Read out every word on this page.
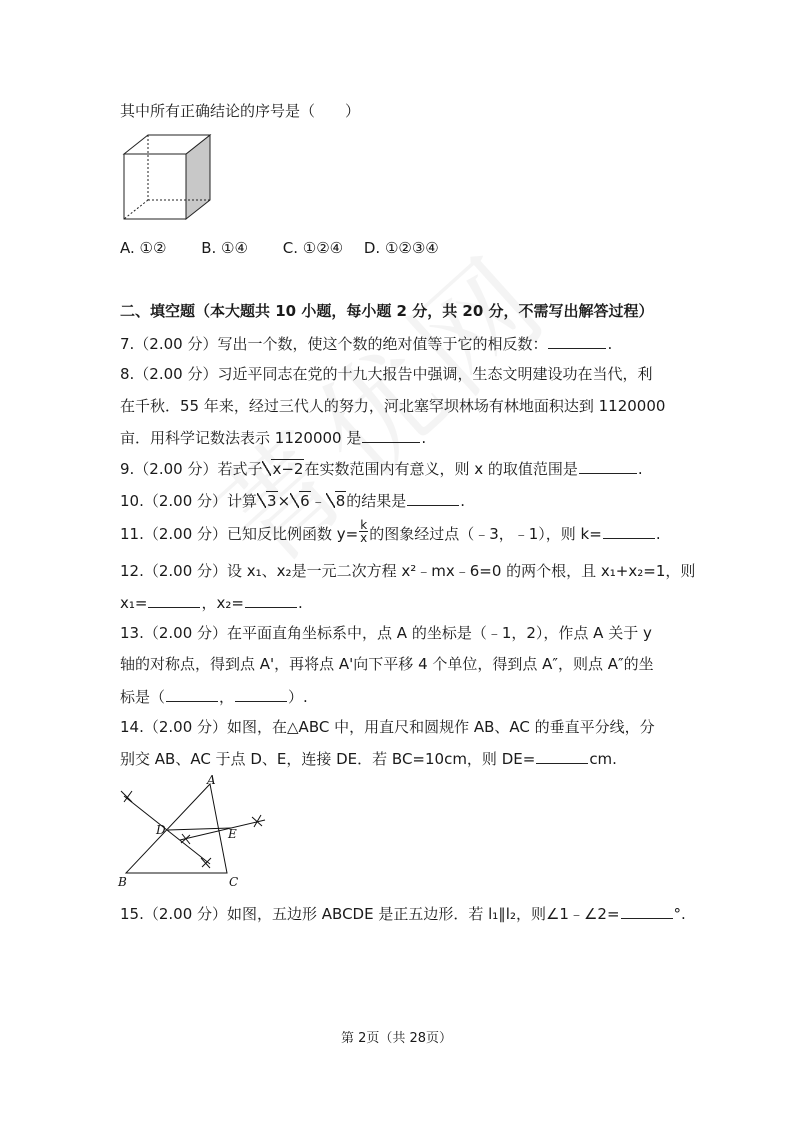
其中所有正确结论的序号是（　　）
A. ①② B. ①④ C. ①②④ D. ①②③④
二、填空题（本大题共 10 小题，每小题 2 分，共 20 分，不需写出解答过程）
7.（2.00 分）写出一个数，使这个数的绝对值等于它的相反数：	.
8.（2.00 分）习近平同志在党的十九大报告中强调，生态文明建设功在当代，利
在千秋．55 年来，经过三代人的努力，河北塞罕坝林场有林地面积达到 1120000
亩．用科学记数法表示 1120000 是	.
9.（2.00 分）若式子 x−2在实数范围内有意义，则 x 的取值范围是	.
10.（2.00 分）计算 3× 6﹣ 8的结果是	.
11.（2.00 分）已知反比例函数 $y= \frac{k}{x}$ 的图象经过点（﹣3，﹣1），则 k=	.
12.（2.00 分）设 x₁、x₂是一元二次方程 x²﹣mx﹣6=0 的两个根，且 x₁+x₂=1，则
x₁=	，x₂=	.
13.（2.00 分）在平面直角坐标系中，点 A 的坐标是（﹣1，2），作点 A 关于 y
轴的对称点，得到点 A'，再将点 A'向下平移 4 个单位，得到点 A″，则点 A″的坐
标是（	，	）.
14.（2.00 分）如图，在△ABC 中，用直尺和圆规作 AB、AC 的垂直平分线，分
别交 AB、AC 于点 D、E，连接 DE．若 BC=10cm，则 DE=	cm.
A
B	C
D	E
15.（2.00 分）如图，五边形 ABCDE 是正五边形．若 l₁∥l₂，则∠1﹣∠2=	°.
第 2页（共 28页）
